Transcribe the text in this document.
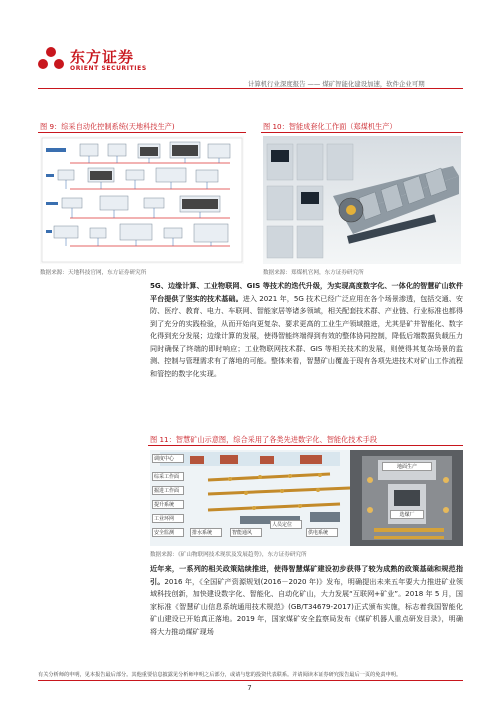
东方证券
ORIENT SECURITIES
计算机行业深度报告 —— 煤矿智能化建设加速，软件企业可期
图 9：综采自动化控制系统(天地科技生产)
数据来源：天地科技官网，东方证券研究所
图 10：智能成套化工作面（郑煤机生产）
数据来源：郑煤机官网，东方证券研究所
5G、边缘计算、工业物联网、GIS 等技术的迭代升级，为实现高度数字化、一体化的智慧矿山软件平台提供了坚实的技术基础。进入 2021 年，5G 技术已经广泛应用在各个场景渗透，包括交通、安防、医疗、教育、电力、车联网、智能家居等诸多领域，相关配套技术群、产业链、行业标准也都得到了充分的实践检验，从而开始向更复杂、要求更高的工业生产领域推进，尤其是矿井智能化、数字化得到充分发展；边缘计算的发展，使得智能终端得到有效的整体协同控制，降低后端数据负载压力同时确保了终端的即时响应；工业物联网技术群、GIS 等相关技术的发展，则使得其复杂场景的监测、控制与管理需求有了落地的可能。整体来看，智慧矿山覆盖于现有各项先进技术对矿山工作流程和管控的数字化实现。
图 11：智慧矿山示意图，综合采用了各类先进数字化、智能化技术手段
调度中心
综采工作面
掘进工作面
提升系统
工业环网
安全监测
人员定位
供电系统
排水系统	智能通风
地面生产
选煤厂
数据来源：《矿山物联网技术现状及发展趋势》，东方证券研究所
近年来，一系列的相关政策陆续推进，使得智慧煤矿建设初步获得了较为成熟的政策基础和规范指引。2016 年，《全国矿产资源规划(2016－2020 年)》发布，明确提出未来五年要大力推进矿业领域科技创新，加快建设数字化、智能化、自动化矿山，大力发展“互联网+矿业”。2018 年 5 月，国家标准《智慧矿山信息系统通用技术规范》(GB/T34679-2017)正式颁布实施，标志着我国智能化矿山建设已开始真正落地。2019 年，国家煤矿安全监察局发布《煤矿机器人重点研发目录》，明确将大力推动煤矿现场
有关分析师的申明，见本报告最后部分。其他重要信息披露见分析师申明之后部分，或请与您的投资代表联系。并请阅读本证券研究报告最后一页的免责申明。
7
